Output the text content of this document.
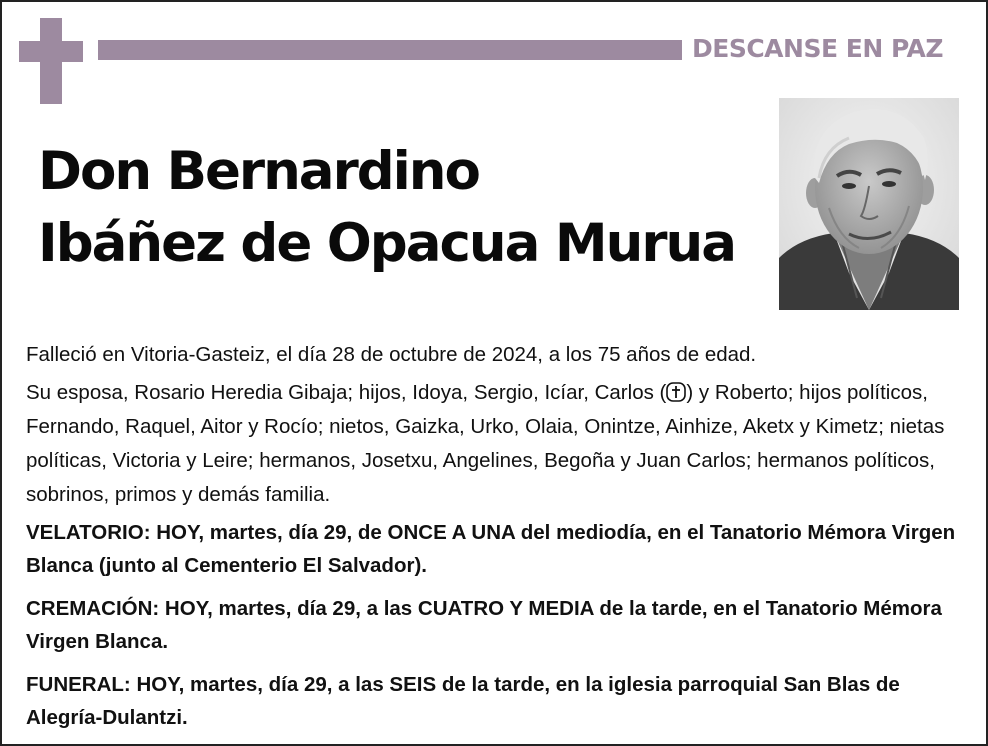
DESCANSE EN PAZ
Don Bernardino
Ibáñez de Opacua Murua

Falleció en Vitoria-Gasteiz, el día 28 de octubre de 2024, a los 75 años de edad.

Su esposa, Rosario Heredia Gibaja; hijos, Idoya, Sergio, Icíar, Carlos ( ) y Roberto; hijos políticos, Fernando, Raquel, Aitor y Rocío; nietos, Gaizka, Urko, Olaia, Onintze, Ainhize, Aketx y Kimetz; nietas políticas, Victoria y Leire; hermanos, Josetxu, Angelines, Begoña y Juan Carlos; hermanos políticos, sobrinos, primos y demás familia.

VELATORIO: HOY, martes, día 29, de ONCE A UNA del mediodía, en el Tanatorio Mémora Virgen Blanca (junto al Cementerio El Salvador).

CREMACIÓN: HOY, martes, día 29, a las CUATRO Y MEDIA de la tarde, en el Tanatorio Mémora Virgen Blanca.

FUNERAL: HOY, martes, día 29, a las SEIS de la tarde, en la iglesia parroquial San Blas de Alegría-Dulantzi.
